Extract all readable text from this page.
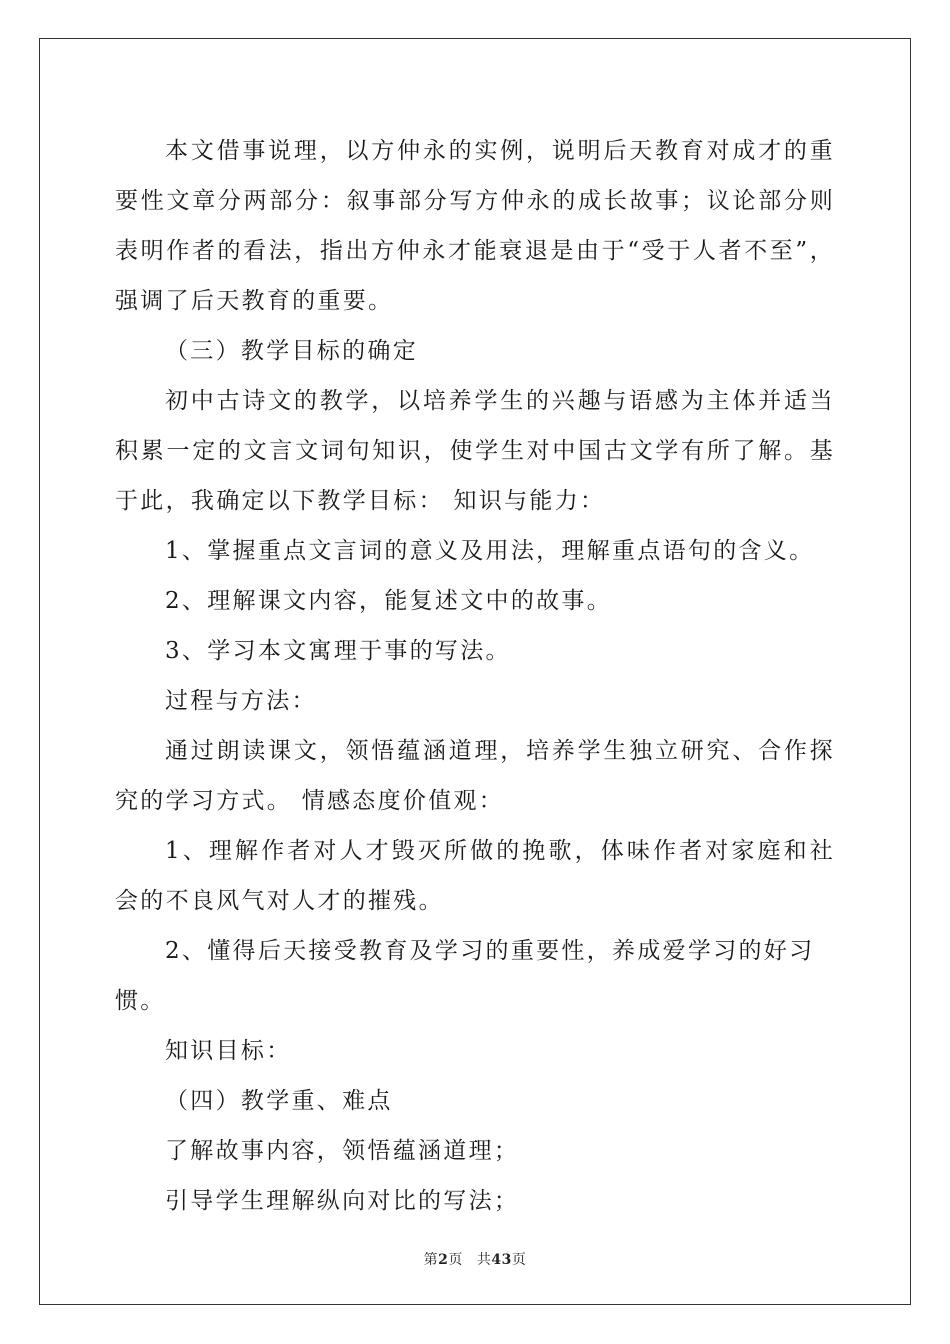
本文借事说理，以方仲永的实例，说明后天教育对成才的重要性文章分两部分：叙事部分写方仲永的成长故事；议论部分则表明作者的看法，指出方仲永才能衰退是由于“受于人者不至”，强调了后天教育的重要。

（三）教学目标的确定

初中古诗文的教学，以培养学生的兴趣与语感为主体并适当积累一定的文言文词句知识，使学生对中国古文学有所了解。基于此，我确定以下教学目标： 知识与能力：

1、掌握重点文言词的意义及用法，理解重点语句的含义。

2、理解课文内容，能复述文中的故事。

3、学习本文寓理于事的写法。

过程与方法：

通过朗读课文，领悟蕴涵道理，培养学生独立研究、合作探究的学习方式。 情感态度价值观：

1、理解作者对人才毁灭所做的挽歌，体味作者对家庭和社会的不良风气对人才的摧残。

2、懂得后天接受教育及学习的重要性，养成爱学习的好习惯。

知识目标：

（四）教学重、难点

了解故事内容，领悟蕴涵道理；

引导学生理解纵向对比的写法；

第2页 共43页
